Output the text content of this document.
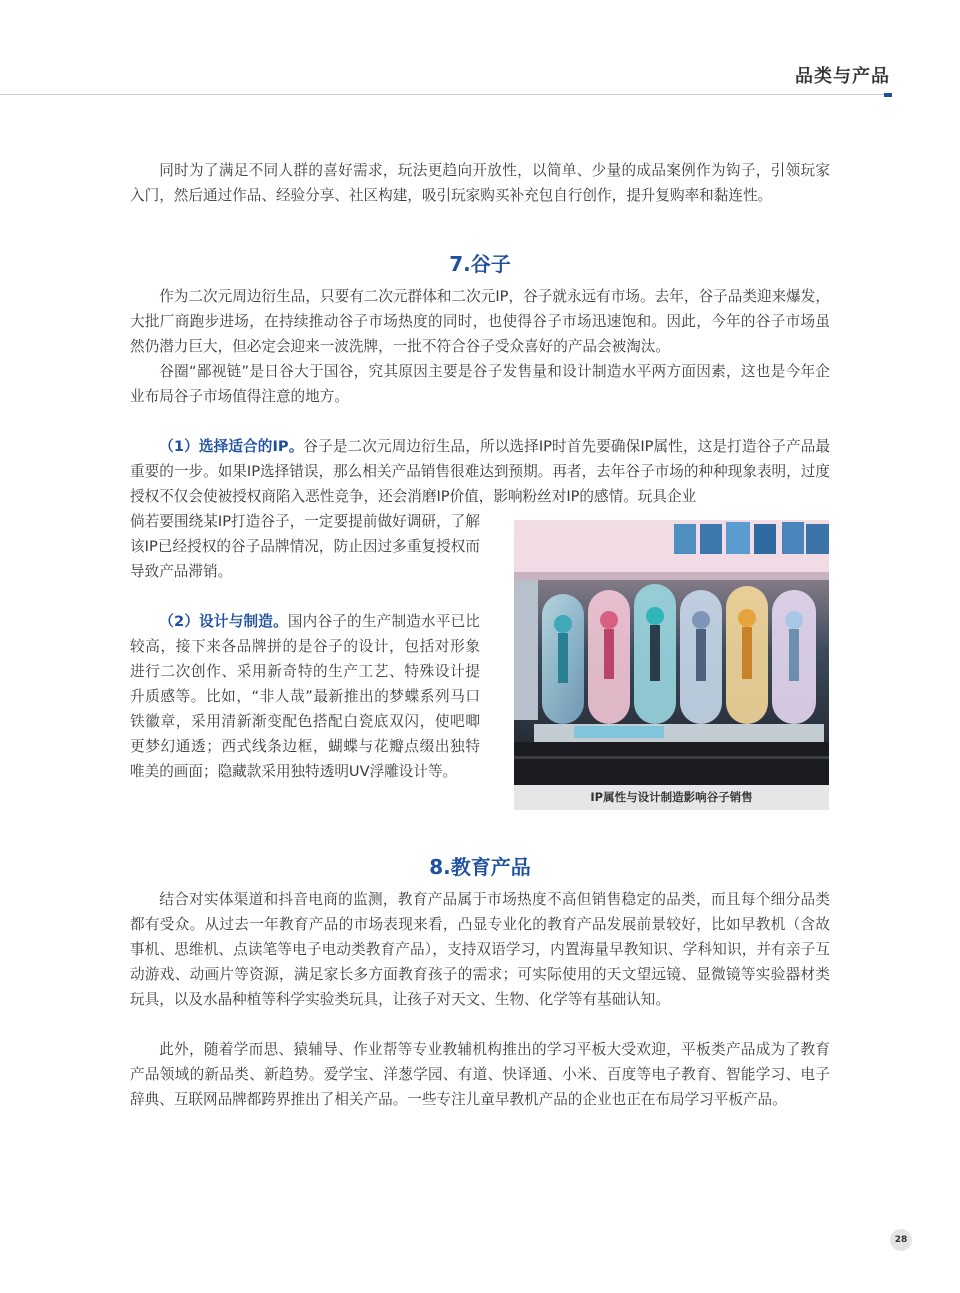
品类与产品

同时为了满足不同人群的喜好需求，玩法更趋向开放性，以简单、少量的成品案例作为钩子，引领玩家入门，然后通过作品、经验分享、社区构建，吸引玩家购买补充包自行创作，提升复购率和黏连性。

7.谷子

作为二次元周边衍生品，只要有二次元群体和二次元IP，谷子就永远有市场。去年，谷子品类迎来爆发，大批厂商跑步进场，在持续推动谷子市场热度的同时，也使得谷子市场迅速饱和。因此，今年的谷子市场虽然仍潜力巨大，但必定会迎来一波洗牌，一批不符合谷子受众喜好的产品会被淘汰。

谷圈“鄙视链”是日谷大于国谷，究其原因主要是谷子发售量和设计制造水平两方面因素，这也是今年企业布局谷子市场值得注意的地方。

（1）选择适合的IP。谷子是二次元周边衍生品，所以选择IP时首先要确保IP属性，这是打造谷子产品最重要的一步。如果IP选择错误，那么相关产品销售很难达到预期。再者，去年谷子市场的种种现象表明，过度授权不仅会使被授权商陷入恶性竞争，还会消磨IP价值，影响粉丝对IP的感情。玩具企业

倘若要围绕某IP打造谷子，一定要提前做好调研，了解该IP已经授权的谷子品牌情况，防止因过多重复授权而导致产品滞销。

（2）设计与制造。国内谷子的生产制造水平已比较高，接下来各品牌拼的是谷子的设计，包括对形象进行二次创作、采用新奇特的生产工艺、特殊设计提升质感等。比如，“非人哉”最新推出的梦蝶系列马口铁徽章，采用清新渐变配色搭配白瓷底双闪，使吧唧更梦幻通透；西式线条边框，蝴蝶与花瓣点缀出独特唯美的画面；隐藏款采用独特透明UV浮雕设计等。

IP属性与设计制造影响谷子销售
8.教育产品

结合对实体渠道和抖音电商的监测，教育产品属于市场热度不高但销售稳定的品类，而且每个细分品类都有受众。从过去一年教育产品的市场表现来看，凸显专业化的教育产品发展前景较好，比如早教机（含故事机、思维机、点读笔等电子电动类教育产品），支持双语学习，内置海量早教知识、学科知识，并有亲子互动游戏、动画片等资源，满足家长多方面教育孩子的需求；可实际使用的天文望远镜、显微镜等实验器材类玩具，以及水晶种植等科学实验类玩具，让孩子对天文、生物、化学等有基础认知。

此外，随着学而思、猿辅导、作业帮等专业教辅机构推出的学习平板大受欢迎，平板类产品成为了教育产品领域的新品类、新趋势。爱学宝、洋葱学园、有道、快译通、小米、百度等电子教育、智能学习、电子辞典、互联网品牌都跨界推出了相关产品。一些专注儿童早教机产品的企业也正在布局学习平板产品。

28
